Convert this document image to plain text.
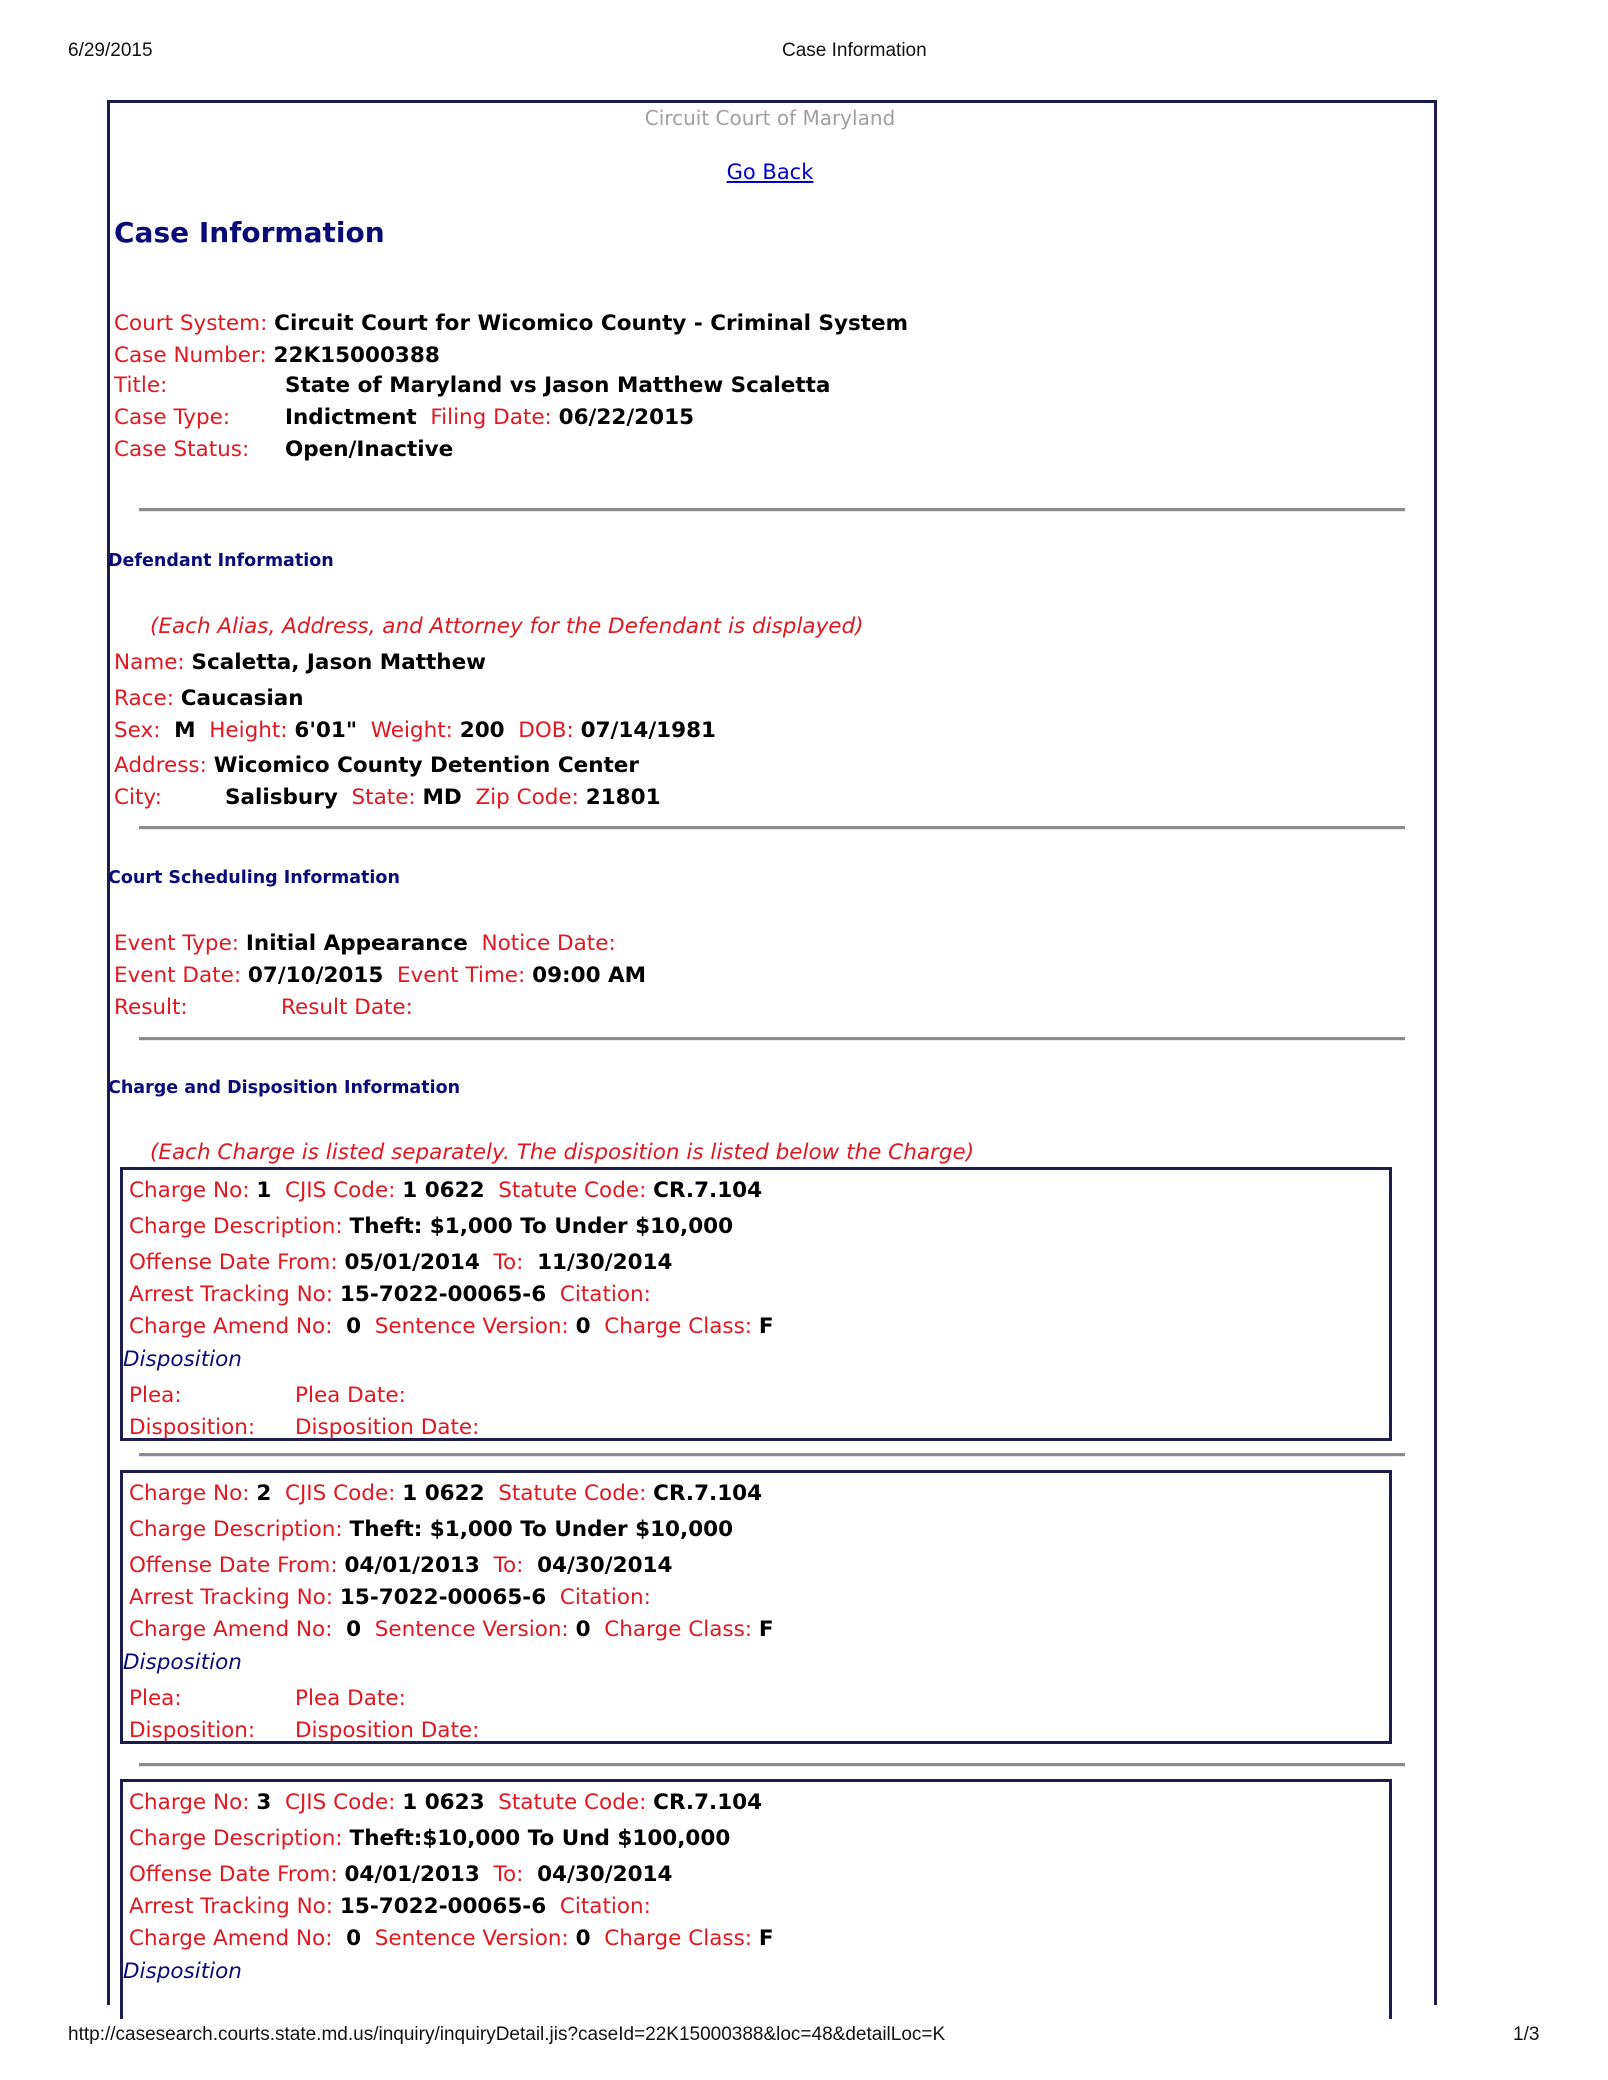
6/29/2015	Case Information
Circuit Court of Maryland
Go Back
Case Information
Court System: Circuit Court for Wicomico County - Criminal System
Case Number: 22K15000388
Title:	State of Maryland vs Jason Matthew Scaletta
Case Type:	Indictment Filing Date: 06/22/2015
Case Status: Open/Inactive
Defendant Information
(Each Alias, Address, and Attorney for the Defendant is displayed)
Name: Scaletta, Jason Matthew
Race: Caucasian
Sex: M Height: 6'01" Weight: 200 DOB: 07/14/1981
Address: Wicomico County Detention Center
City:	Salisbury State: MD Zip Code: 21801
Court Scheduling Information
Event Type: Initial Appearance Notice Date:
Event Date: 07/10/2015 Event Time: 09:00 AM
Result:	Result Date:
Charge and Disposition Information
(Each Charge is listed separately. The disposition is listed below the Charge)
Charge No: 1 CJIS Code: 1 0622 Statute Code: CR.7.104
Charge Description: Theft: $1,000 To Under $10,000
Offense Date From: 05/01/2014 To: 11/30/2014
Arrest Tracking No: 15-7022-00065-6 Citation:
Charge Amend No: 0 Sentence Version: 0 Charge Class: F
Disposition
Plea:	Plea Date:
Disposition: Disposition Date:
Charge No: 2 CJIS Code: 1 0622 Statute Code: CR.7.104
Charge Description: Theft: $1,000 To Under $10,000
Offense Date From: 04/01/2013 To: 04/30/2014
Arrest Tracking No: 15-7022-00065-6 Citation:
Charge Amend No: 0 Sentence Version: 0 Charge Class: F
Disposition
Plea:	Plea Date:
Disposition: Disposition Date:
Charge No: 3 CJIS Code: 1 0623 Statute Code: CR.7.104
Charge Description: Theft:$10,000 To Und $100,000
Offense Date From: 04/01/2013 To: 04/30/2014
Arrest Tracking No: 15-7022-00065-6 Citation:
Charge Amend No: 0 Sentence Version: 0 Charge Class: F
Disposition
http://casesearch.courts.state.md.us/inquiry/inquiryDetail.jis?caseId=22K15000388&loc=48&detailLoc=K	1/3
